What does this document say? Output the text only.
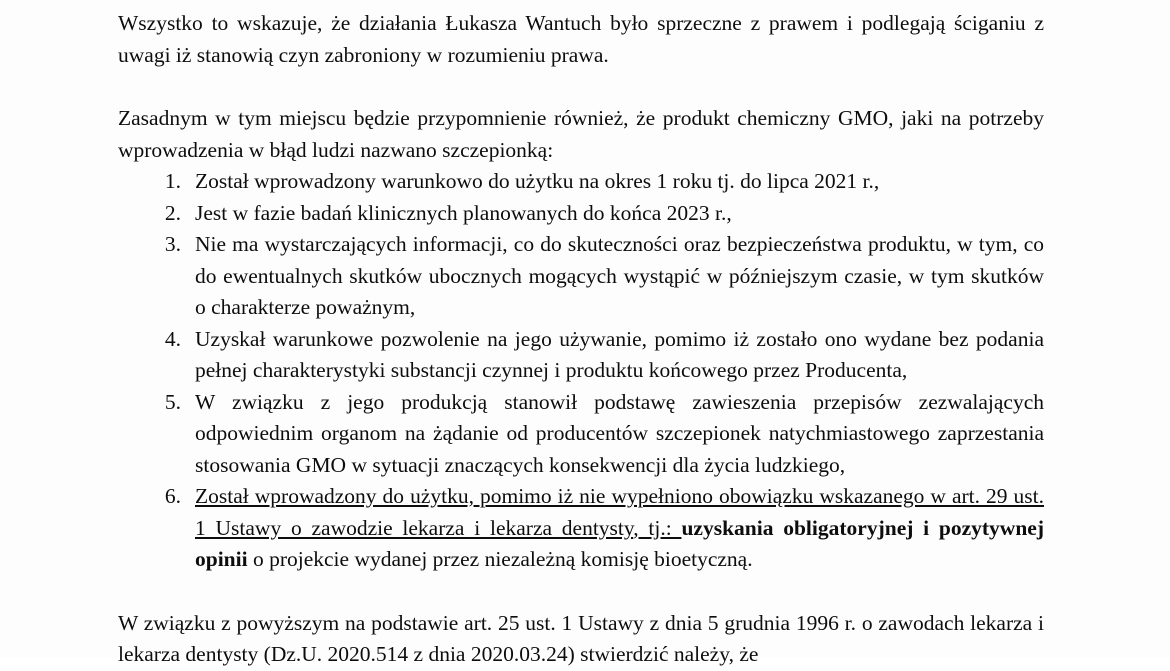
Wszystko to wskazuje, że działania Łukasza Wantuch było sprzeczne z prawem i podlegają ściganiu z uwagi iż stanowią czyn zabroniony w rozumieniu prawa.

Zasadnym w tym miejscu będzie przypomnienie również, że produkt chemiczny GMO, jaki na potrzeby wprowadzenia w błąd ludzi nazwano szczepionką:

1. Został wprowadzony warunkowo do użytku na okres 1 roku tj. do lipca 2021 r.,
2. Jest w fazie badań klinicznych planowanych do końca 2023 r.,
3. Nie ma wystarczających informacji, co do skuteczności oraz bezpieczeństwa produktu, w tym, co do ewentualnych skutków ubocznych mogących wystąpić w późniejszym czasie, w tym skutków o charakterze poważnym,
4. Uzyskał warunkowe pozwolenie na jego używanie, pomimo iż zostało ono wydane bez podania pełnej charakterystyki substancji czynnej i produktu końcowego przez Producenta,
5. W związku z jego produkcją stanowił podstawę zawieszenia przepisów zezwalających odpowiednim organom na żądanie od producentów szczepionek natychmiastowego zaprzestania stosowania GMO w sytuacji znaczących konsekwencji dla życia ludzkiego,
6. Został wprowadzony do użytku, pomimo iż nie wypełniono obowiązku wskazanego w art. 29 ust. 1 Ustawy o zawodzie lekarza i lekarza dentysty, tj.: uzyskania obligatoryjnej i pozytywnej opinii o projekcie wydanej przez niezależną komisję bioetyczną.

W związku z powyższym na podstawie art. 25 ust. 1 Ustawy z dnia 5 grudnia 1996 r. o zawodach lekarza i lekarza dentysty (Dz.U. 2020.514 z dnia 2020.03.24) stwierdzić należy, że
